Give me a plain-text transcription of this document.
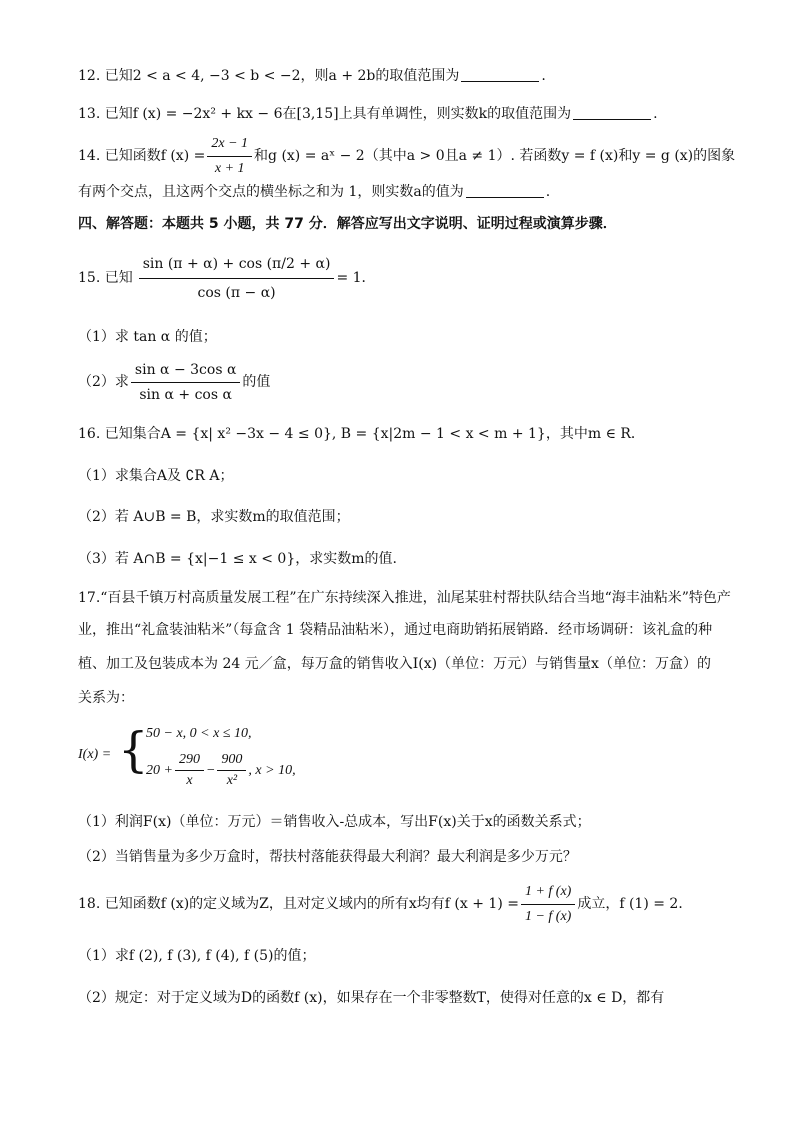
12. 已知2 < a < 4, −3 < b < −2，则a + 2b的取值范围为	.
13. 已知f (x) = −2x² + kx − 6在[3,15]上具有单调性，则实数k的取值范围为	.
14. 已知函数f $(x) = \frac{2x - 1}{x + 1}$ 和g (x) = aˣ − 2（其中a > 0且a ≠ 1）. 若函数y = f (x)和y = g (x)的图象
有两个交点，且这两个交点的横坐标之和为 1，则实数a的值为	.
四、解答题：本题共 5 小题，共 77 分．解答应写出文字说明、证明过程或演算步骤．
15. 已知 $\frac{\sin (\pi + \alpha) + \cos (\pi/2 + \alpha)}{\cos (\pi - \alpha)} = 1$．
（1）求 tan α 的值；
（2）求 $\frac{\text{sin α − 3cos α}}{\text{sin α + cos α}}$ 的值
16. 已知集合A = {x| x² −3x − 4 ≤ 0}, B = {x|2m − 1 < x < m + 1}，其中m ∈ R．
（1）求集合A及 ∁R A；
（2）若 A∪B = B，求实数m的取值范围；
（3）若 A∩B = {x|−1 ≤ x < 0}，求实数m的值.
17.“百县千镇万村高质量发展工程”在广东持续深入推进，汕尾某驻村帮扶队结合当地“海丰油粘米”特色产
业，推出“礼盒装油粘米”（每盒含 1 袋精品油粘米），通过电商助销拓展销路．经市场调研：该礼盒的种
植、加工及包装成本为 24 元／盒，每万盒的销售收入I(x)（单位：万元）与销售量x（单位：万盒）的
关系为：
I(x) = {
50 − x, 0 < x ≤ 10,
$20 + \frac{290}{x} - \frac{900}{\text{x²}}$ , x > 10,
（1）利润F(x)（单位：万元）＝销售收入-总成本，写出F(x)关于x的函数关系式；
（2）当销售量为多少万盒时，帮扶村落能获得最大利润？最大利润是多少万元？
18. 已知函数f (x)的定义域为Z，且对定义域内的所有x均有f $(x + 1) = \frac{1 + f (x)}{1 - f (x)}$ 成立，f (1) = 2．
（1）求f (2), f (3), f (4), f (5)的值；
（2）规定：对于定义域为D的函数f (x)，如果存在一个非零整数T，使得对任意的x ∈ D，都有
